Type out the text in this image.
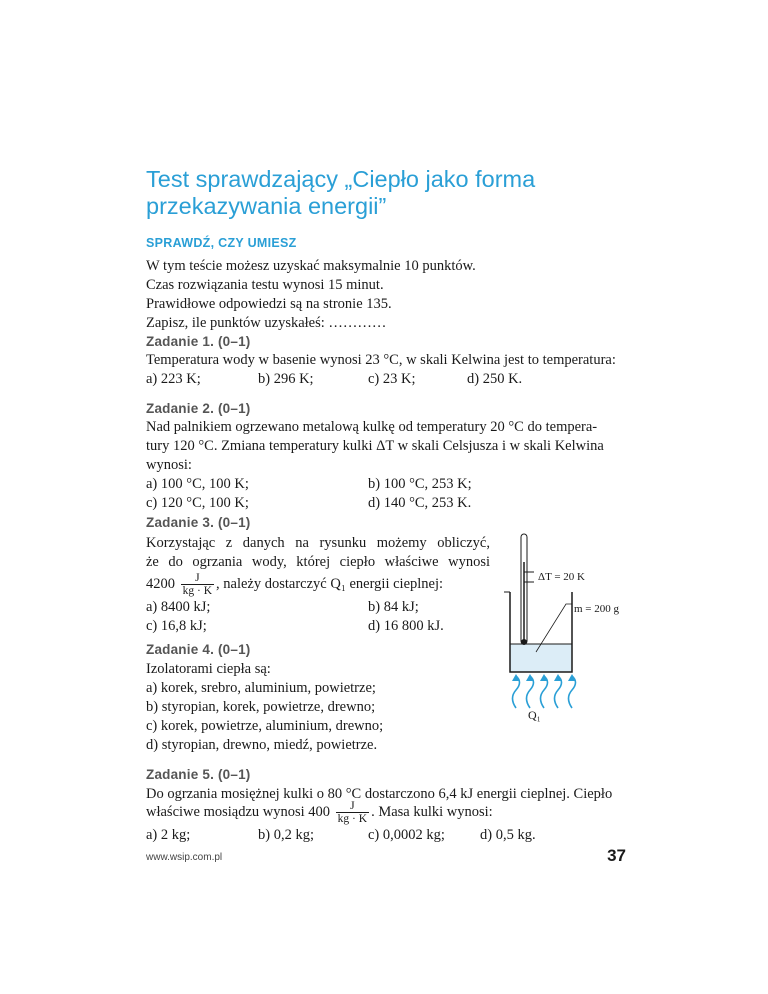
Test sprawdzający „Ciepło jako forma
przekazywania energii”
SPRAWDŹ, CZY UMIESZ
W tym teście możesz uzyskać maksymalnie 10 punktów.
Czas rozwiązania testu wynosi 15 minut.
Prawidłowe odpowiedzi są na stronie 135.
Zapisz, ile punktów uzyskałeś: …………
Zadanie 1. (0–1)
Temperatura wody w basenie wynosi 23 °C, w skali Kelwina jest to temperatura:
a) 223 K;	b) 296 K;	c) 23 K;	d) 250 K.
Zadanie 2. (0–1)
Nad palnikiem ogrzewano metalową kulkę od temperatury 20 °C do tempera-
tury 120 °C. Zmiana temperatury kulki ΔT w skali Celsjusza i w skali Kelwina
wynosi:
a) 100 °C, 100 K;	b) 100 °C, 253 K;
c) 120 °C, 100 K;	d) 140 °C, 253 K.
Zadanie 3. (0–1)
Korzystając z danych na rysunku możemy obliczyć,
że do ogrzania wody, której ciepło właściwe wynosi
$4200 \frac{J}{kg \cdot K}$ , należy dostarczyć Q₁ energii cieplnej:
a) 8400 kJ;	b) 84 kJ;
c) 16,8 kJ;	d) 16 800 kJ.
ΔT = 20 K
m = 200 g
Q₁
Zadanie 4. (0–1)
Izolatorami ciepła są:
a) korek, srebro, aluminium, powietrze;
b) styropian, korek, powietrze, drewno;
c) korek, powietrze, aluminium, drewno;
d) styropian, drewno, miedź, powietrze.
Zadanie 5. (0–1)
Do ogrzania mosiężnej kulki o 80 °C dostarczono 6,4 kJ energii cieplnej. Ciepło
właściwe mosiądzu wynosi $400 \frac{J}{kg \cdot K}$ . Masa kulki wynosi:
a) 2 kg;	b) 0,2 kg;	c) 0,0002 kg; d) 0,5 kg.
www.wsip.com.pl	37
